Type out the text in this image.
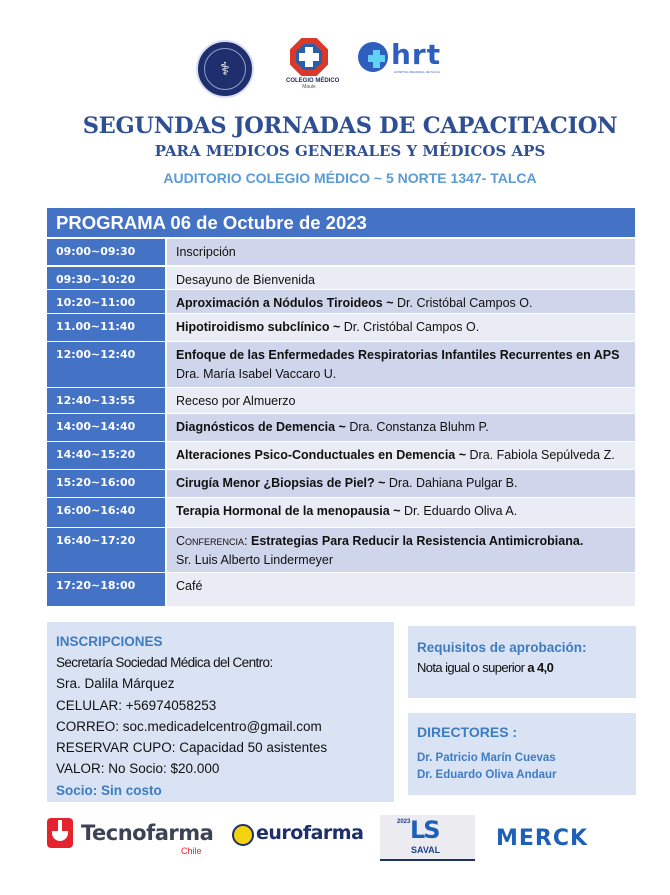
⚕
COLEGIO MÉDICO
Maule
hrt
HOSPITAL REGIONAL DE TALCA
SEGUNDAS JORNADAS DE CAPACITACION
PARA MEDICOS GENERALES Y MÉDICOS APS
AUDITORIO COLEGIO MÉDICO ~ 5 NORTE 1347- TALCA
PROGRAMA 06 de Octubre de 2023
09:00~09:30	Inscripción
09:30~10:20	Desayuno de Bienvenida
10:20~11:00	Aproximación a Nódulos Tiroideos ~ Dr. Cristóbal Campos O.
11.00~11:40	Hipotiroidismo subclínico ~ Dr. Cristóbal Campos O.
12:00~12:40	Enfoque de las Enfermedades Respiratorias Infantiles Recurrentes en APS
Dra. María Isabel Vaccaro U.
12:40~13:55	Receso por Almuerzo
14:00~14:40	Diagnósticos de Demencia ~ Dra. Constanza Bluhm P.
14:40~15:20	Alteraciones Psico-Conductuales en Demencia ~ Dra. Fabiola Sepúlveda Z.
15:20~16:00	Cirugía Menor ¿Biopsias de Piel? ~ Dra. Dahiana Pulgar B.
16:00~16:40	Terapia Hormonal de la menopausia ~ Dr. Eduardo Oliva A.
16:40~17:20	Conferencia: Estrategias Para Reducir la Resistencia Antimicrobiana.
Sr. Luis Alberto Lindermeyer
17:20~18:00	Café
INSCRIPCIONES
Secretaría Sociedad Médica del Centro:
Sra. Dalila Márquez
CELULAR: +56974058253
CORREO: soc.medicadelcentro@gmail.com
RESERVAR CUPO: Capacidad 50 asistentes
VALOR: No Socio: $20.000
Socio: Sin costo
Requisitos de aprobación:
Nota igual o superior a 4,0
DIRECTORES :
Dr. Patricio Marín Cuevas
Dr. Eduardo Oliva Andaur
Tecnofarma
Chile
eurofarma	2023 LS
SAVAL	MERCK
